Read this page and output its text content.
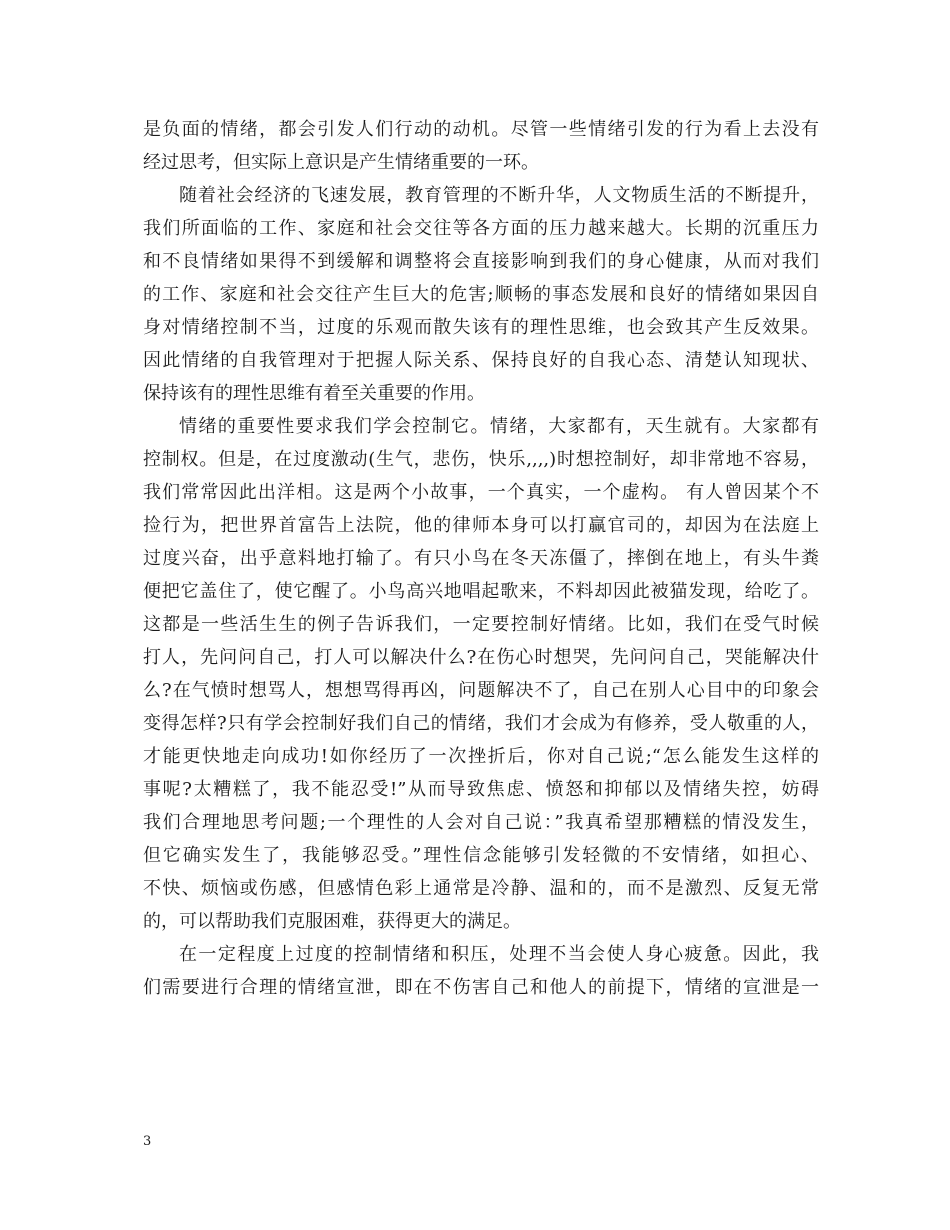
是负面的情绪，都会引发人们行动的动机。尽管一些情绪引发的行为看上去没有
经过思考，但实际上意识是产生情绪重要的一环。
随着社会经济的飞速发展，教育管理的不断升华，人文物质生活的不断提升，
我们所面临的工作、家庭和社会交往等各方面的压力越来越大。长期的沉重压力
和不良情绪如果得不到缓解和调整将会直接影响到我们的身心健康，从而对我们
的工作、家庭和社会交往产生巨大的危害;顺畅的事态发展和良好的情绪如果因自
身对情绪控制不当，过度的乐观而散失该有的理性思维，也会致其产生反效果。
因此情绪的自我管理对于把握人际关系、保持良好的自我心态、清楚认知现状、
保持该有的理性思维有着至关重要的作用。
情绪的重要性要求我们学会控制它。情绪，大家都有，天生就有。大家都有
控制权。但是，在过度激动(生气，悲伤，快乐,,,,)时想控制好，却非常地不容易，
我们常常因此出洋相。这是两个小故事，一个真实，一个虚构。 有人曾因某个不
捡行为，把世界首富告上法院，他的律师本身可以打赢官司的，却因为在法庭上
过度兴奋，出乎意料地打输了。有只小鸟在冬天冻僵了，摔倒在地上，有头牛粪
便把它盖住了，使它醒了。小鸟高兴地唱起歌来，不料却因此被猫发现，给吃了。
这都是一些活生生的例子告诉我们，一定要控制好情绪。比如，我们在受气时候
打人，先问问自己，打人可以解决什么?在伤心时想哭，先问问自己，哭能解决什
么?在气愤时想骂人，想想骂得再凶，问题解决不了，自己在别人心目中的印象会
变得怎样?只有学会控制好我们自己的情绪，我们才会成为有修养，受人敬重的人，
才能更快地走向成功!如你经历了一次挫折后，你对自己说;“怎么能发生这样的
事呢?太糟糕了，我不能忍受!”从而导致焦虑、愤怒和抑郁以及情绪失控，妨碍
我们合理地思考问题;一个理性的人会对自己说：”我真希望那糟糕的情没发生，
但它确实发生了，我能够忍受。”理性信念能够引发轻微的不安情绪，如担心、
不快、烦恼或伤感，但感情色彩上通常是冷静、温和的，而不是激烈、反复无常
的，可以帮助我们克服困难，获得更大的满足。
在一定程度上过度的控制情绪和积压，处理不当会使人身心疲惫。因此，我
们需要进行合理的情绪宣泄，即在不伤害自己和他人的前提下，情绪的宣泄是一
3
